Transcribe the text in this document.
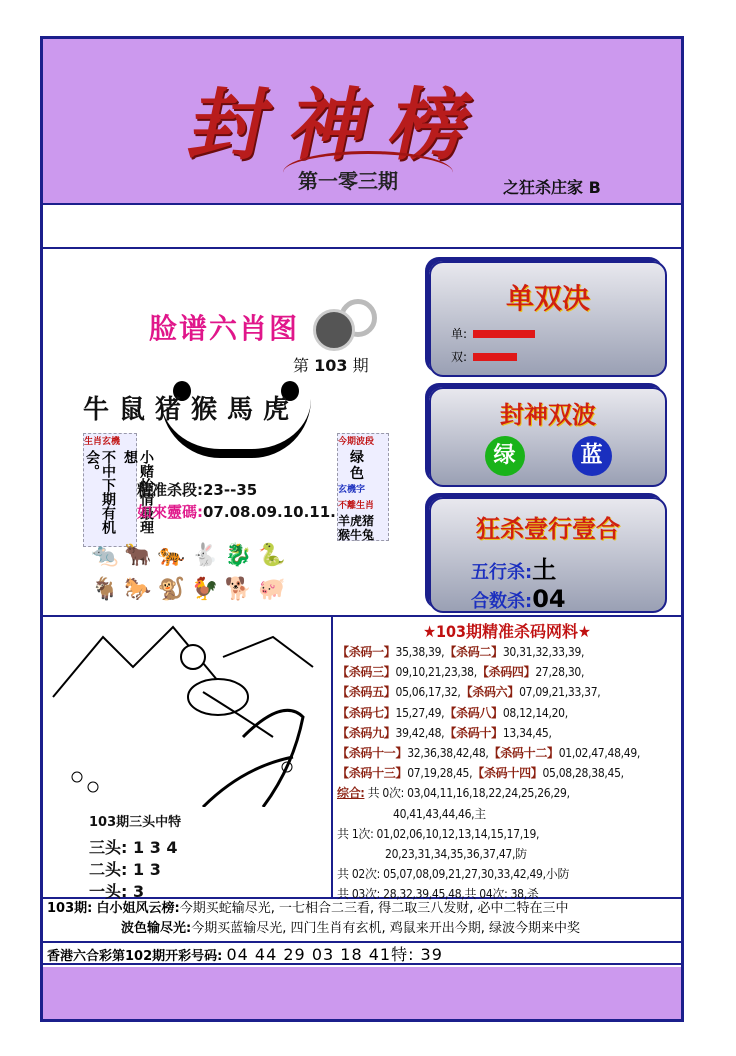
封神榜
第一零三期	之狂杀庄家 B
脸谱六肖图
第 103 期
牛鼠猪猴馬虎
生肖玄機
不中下期有机会。	小赌怡情最理想
今期波段
绿色
玄機字
不離生肖
羊虎猪猴牛兔
精准杀段:23--35
如來靈碼:07.08.09.10.11.
🐀🐂🐅🐇🐉🐍
🐐🐎🐒🐓🐕🐖
单双决
单:
双:
封神双波
绿	蓝
狂杀壹行壹合
五行杀:土
合数杀:04
103期三头中特
三头: 1 3 4
二头: 1 3
一头: 3
★103期精准杀码网料★
【杀码一】35,38,39,【杀码二】30,31,32,33,39,
【杀码三】09,10,21,23,38,【杀码四】27,28,30,
【杀码五】05,06,17,32,【杀码六】07,09,21,33,37,
【杀码七】15,27,49,【杀码八】08,12,14,20,
【杀码九】39,42,48,【杀码十】13,34,45,
【杀码十一】32,36,38,42,48,【杀码十二】01,02,47,48,49,
【杀码十三】07,19,28,45,【杀码十四】05,08,28,38,45,
综合: 共 0次: 03,04,11,16,18,22,24,25,26,29,
40,41,43,44,46,主
共 1次: 01,02,06,10,12,13,14,15,17,19,
20,23,31,34,35,36,37,47,防
共 02次: 05,07,08,09,21,27,30,33,42,49,小防
共 03次: 28,32,39,45,48,共 04次: 38,杀
103期: 白小姐风云榜:今期买蛇输尽光, 一七相合二三看, 得二取三八发财, 必中二特在三中
波色输尽光:今期买蓝输尽光, 四门生肖有玄机, 鸡鼠来开出今期, 绿波今期来中奖
香港六合彩第102期开彩号码: 04 44 29 03 18 41特: 39
